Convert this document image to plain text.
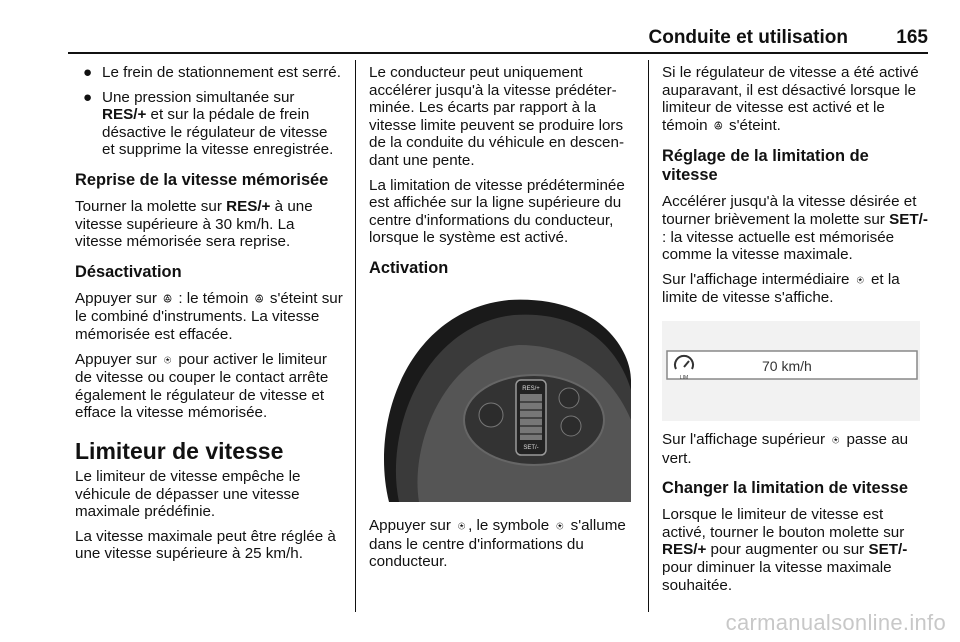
Conduite et utilisation	165
● Le frein de stationnement est serré.
● Une pression simultanée sur RES/+ et sur la pédale de frein désactive le régulateur de vitesse et supprime la vitesse enregistrée.
Reprise de la vitesse mémorisée

Tourner la molette sur RES/+ à une vitesse supérieure à 30 km/h. La vitesse mémorisée sera reprise.

Désactivation

Appuyer sur ꔮ : le témoin ꔮ s'éteint sur le combiné d'instruments. La vitesse mémorisée est effacée.

Appuyer sur ⍟ pour activer le limiteur de vitesse ou couper le contact arrête également le régulateur de vitesse et efface la vitesse mémorisée.

Limiteur de vitesse

Le limiteur de vitesse empêche le véhicule de dépasser une vitesse maximale prédéfinie.

La vitesse maximale peut être réglée à une vitesse supérieure à 25 km/h.

Le conducteur peut uniquement accélérer jusqu'à la vitesse prédéterminée. Les écarts par rapport à la vitesse limite peuvent se produire lors de la conduite du véhicule en descendant une pente.

La limitation de vitesse prédéterminée est affichée sur la ligne supérieure du centre d'informations du conducteur, lorsque le système est activé.

Activation
RES/+
SET/-

Appuyer sur ⍟ , le symbole ⍟ s'allume dans le centre d'informations du conducteur.

Si le régulateur de vitesse a été activé auparavant, il est désactivé lorsque le limiteur de vitesse est activé et le témoin ꔮ s'éteint.

Réglage de la limitation de vitesse

Accélérer jusqu'à la vitesse désirée et tourner brièvement la molette sur SET/- : la vitesse actuelle est mémorisée comme la vitesse maximale.

Sur l'affichage intermédiaire ⍟ et la limite de vitesse s'affiche.

LIM
70 km/h

Sur l'affichage supérieur ⍟ passe au vert.

Changer la limitation de vitesse

Lorsque le limiteur de vitesse est activé, tourner le bouton molette sur RES/+ pour augmenter ou sur SET/- pour diminuer la vitesse maximale souhaitée.

carmanualsonline.info
